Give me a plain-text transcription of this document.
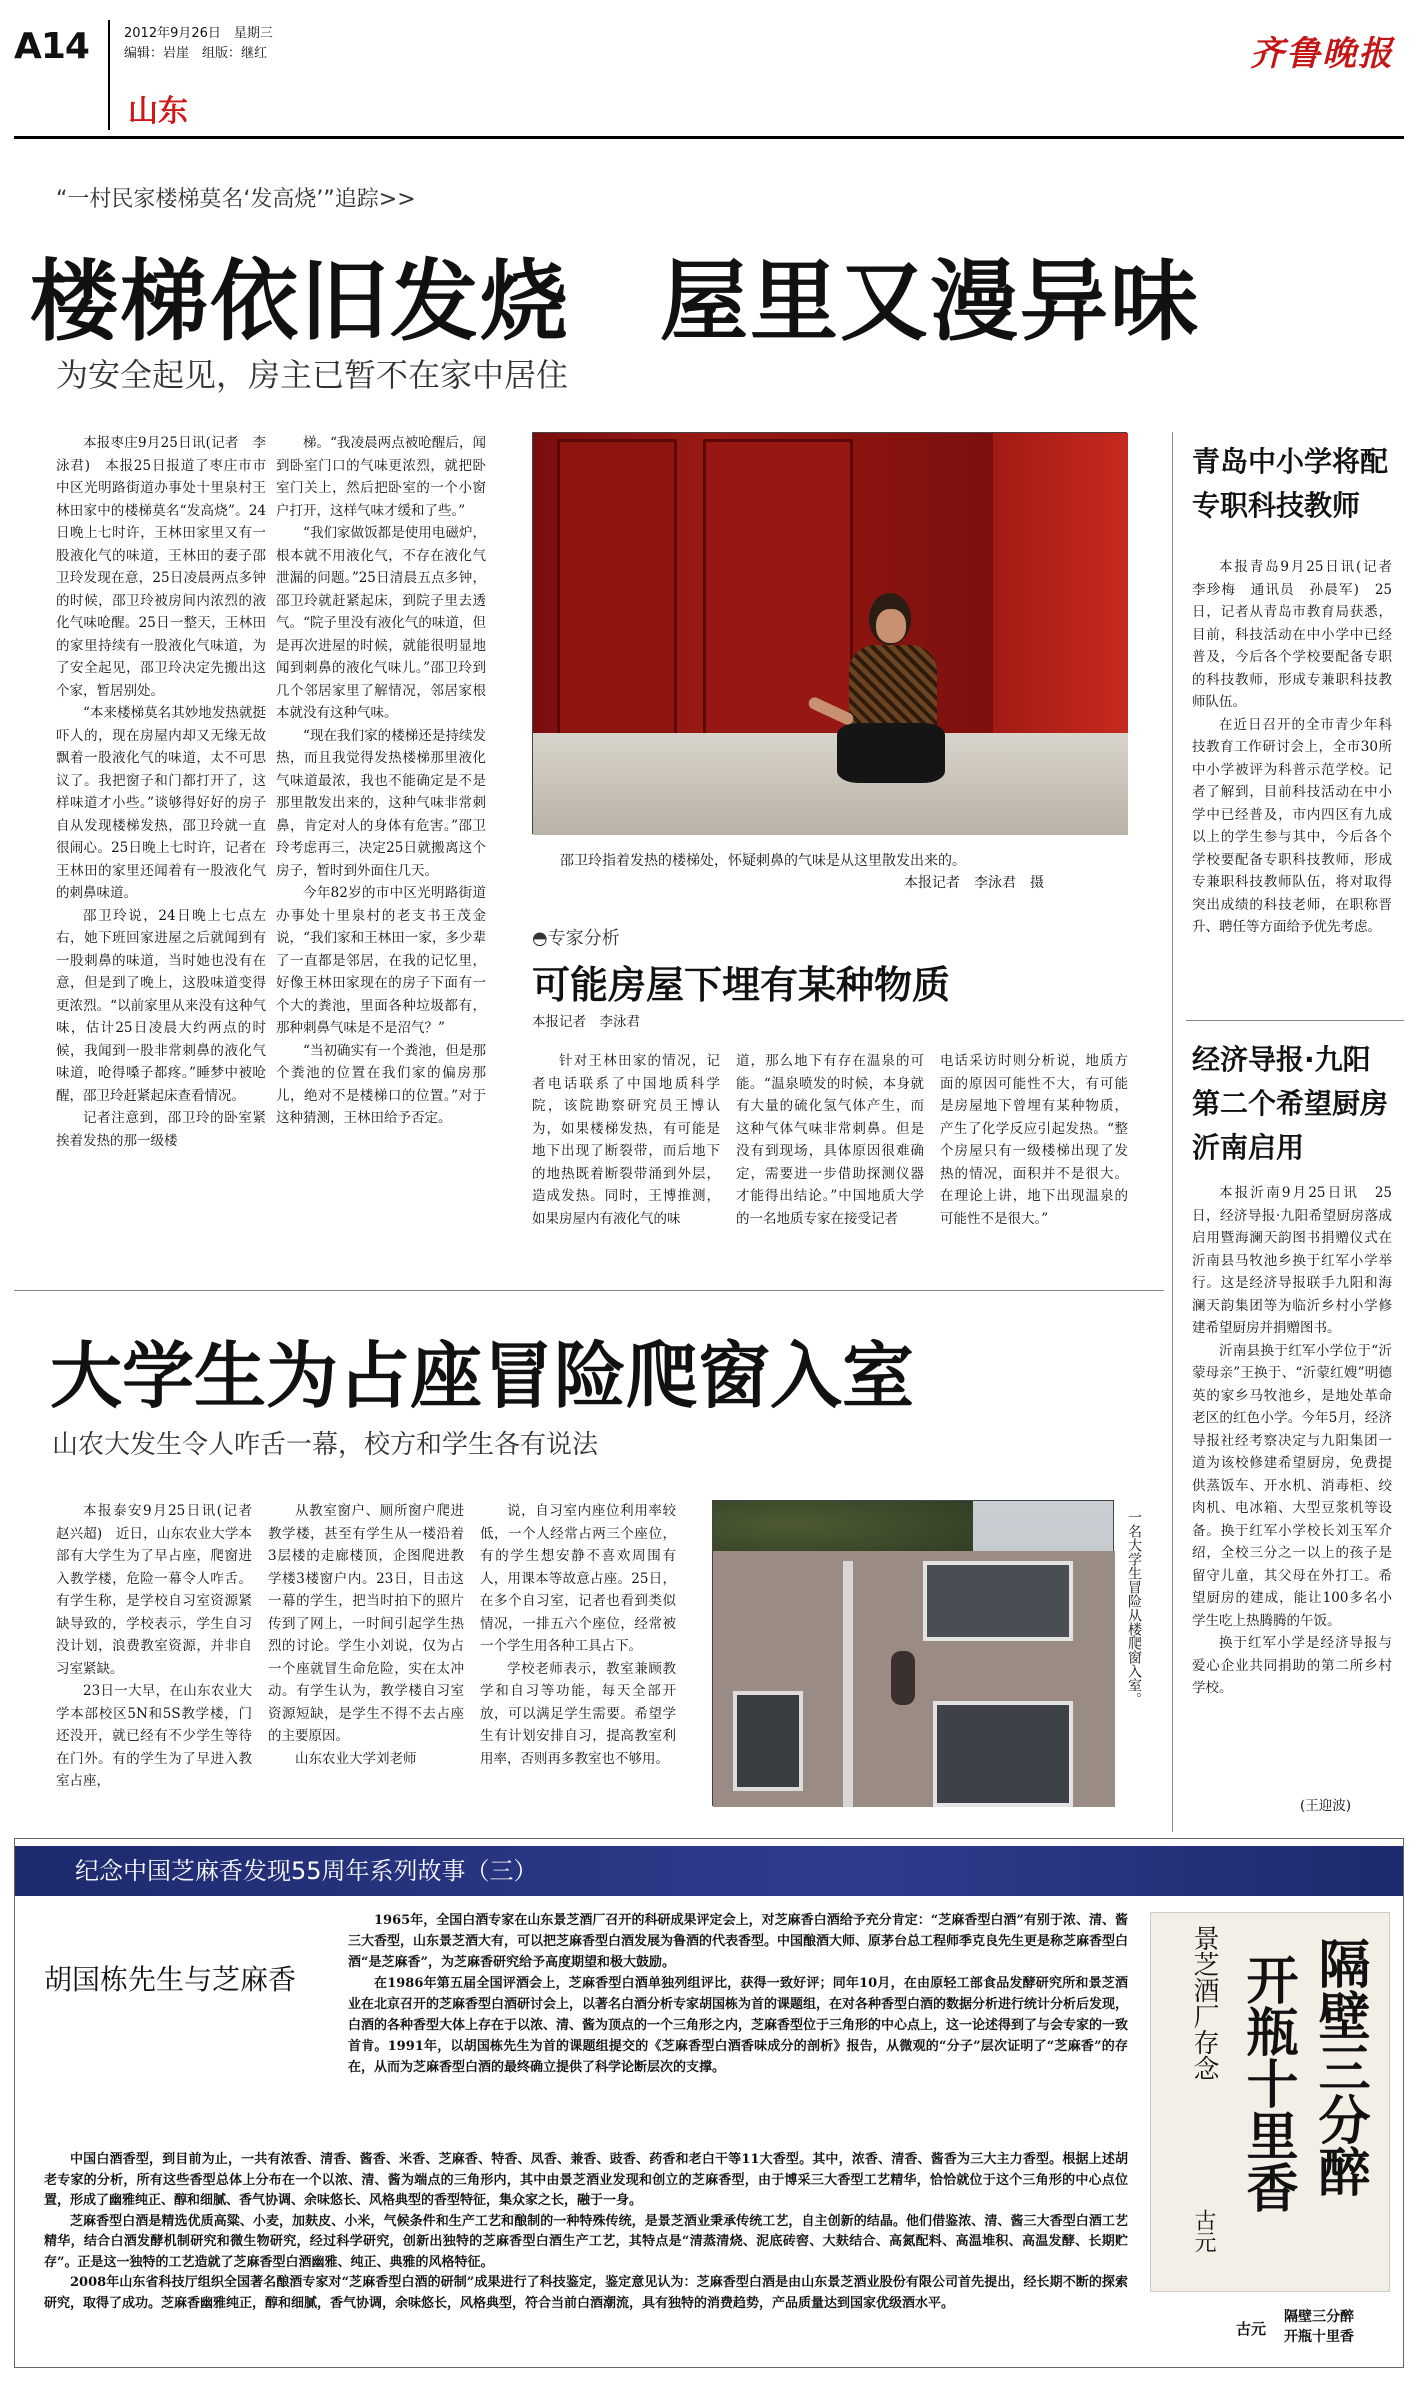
A14	2012年9月26日　星期三
编辑：岩崖　组版：继红
山东
齐鲁晚报
“一村民家楼梯莫名‘发高烧’”追踪>>
楼梯依旧发烧　屋里又漫异味
为安全起见，房主已暂不在家中居住

本报枣庄9月25日讯(记者　李泳君)　本报25日报道了枣庄市市中区光明路街道办事处十里泉村王林田家中的楼梯莫名“发高烧”。24日晚上七时许，王林田家里又有一股液化气的味道，王林田的妻子邵卫玲发现在意，25日凌晨两点多钟的时候，邵卫玲被房间内浓烈的液化气味呛醒。25日一整天，王林田的家里持续有一股液化气味道，为了安全起见，邵卫玲决定先搬出这个家，暂居别处。

“本来楼梯莫名其妙地发热就挺吓人的，现在房屋内却又无缘无故飘着一股液化气的味道，太不可思议了。我把窗子和门都打开了，这样味道才小些。”谈够得好好的房子自从发现楼梯发热，邵卫玲就一直很闹心。25日晚上七时许，记者在王林田的家里还闻着有一股液化气的刺鼻味道。

邵卫玲说，24日晚上七点左右，她下班回家进屋之后就闻到有一股刺鼻的味道，当时她也没有在意，但是到了晚上，这股味道变得更浓烈。“以前家里从来没有这种气味，估计25日凌晨大约两点的时候，我闻到一股非常刺鼻的液化气味道，呛得嗓子都疼。”睡梦中被呛醒，邵卫玲赶紧起床查看情况。

记者注意到，邵卫玲的卧室紧挨着发热的那一级楼

梯。“我凌晨两点被呛醒后，闻到卧室门口的气味更浓烈，就把卧室门关上，然后把卧室的一个小窗户打开，这样气味才缓和了些。”

“我们家做饭都是使用电磁炉，根本就不用液化气，不存在液化气泄漏的问题。”25日清晨五点多钟，邵卫玲就赶紧起床，到院子里去透气。“院子里没有液化气的味道，但是再次进屋的时候，就能很明显地闻到刺鼻的液化气味儿。”邵卫玲到几个邻居家里了解情况，邻居家根本就没有这种气味。

“现在我们家的楼梯还是持续发热，而且我觉得发热楼梯那里液化气味道最浓，我也不能确定是不是那里散发出来的，这种气味非常刺鼻，肯定对人的身体有危害。”邵卫玲考虑再三，决定25日就搬离这个房子，暂时到外面住几天。

今年82岁的市中区光明路街道办事处十里泉村的老支书王茂金说，“我们家和王林田一家，多少辈了一直都是邻居，在我的记忆里，好像王林田家现在的房子下面有一个大的粪池，里面各种垃圾都有，那种刺鼻气味是不是沼气？”

“当初确实有一个粪池，但是那个粪池的位置在我们家的偏房那儿，绝对不是楼梯口的位置。”对于这种猜测，王林田给予否定。

邵卫玲指着发热的楼梯处，怀疑刺鼻的气味是从这里散发出来的。
本报记者　李泳君　摄
◓专家分析
可能房屋下埋有某种物质
本报记者　李泳君

针对王林田家的情况，记者电话联系了中国地质科学院，该院勘察研究员王博认为，如果楼梯发热，有可能是地下出现了断裂带，而后地下的地热既着断裂带涌到外层，造成发热。同时，王博推测，如果房屋内有液化气的味

道，那么地下有存在温泉的可能。“温泉喷发的时候，本身就有大量的硫化氢气体产生，而这种气体气味非常刺鼻。但是没有到现场，具体原因很难确定，需要进一步借助探测仪器才能得出结论。”中国地质大学的一名地质专家在接受记者

电话采访时则分析说，地质方面的原因可能性不大，有可能是房屋地下曾埋有某种物质，产生了化学反应引起发热。“整个房屋只有一级楼梯出现了发热的情况，面积并不是很大。在理论上讲，地下出现温泉的可能性不是很大。”

青岛中小学将配专职科技教师

本报青岛9月25日讯(记者　李珍梅　通讯员　孙晨军)　25日，记者从青岛市教育局获悉，目前，科技活动在中小学中已经普及，今后各个学校要配备专职的科技教师，形成专兼职科技教师队伍。

在近日召开的全市青少年科技教育工作研讨会上，全市30所中小学被评为科普示范学校。记者了解到，目前科技活动在中小学中已经普及，市内四区有九成以上的学生参与其中，今后各个学校要配备专职科技教师，形成专兼职科技教师队伍，将对取得突出成绩的科技老师，在职称晋升、聘任等方面给予优先考虑。

经济导报·九阳第二个希望厨房沂南启用

本报沂南9月25日讯　25日，经济导报·九阳希望厨房落成启用暨海澜天韵图书捐赠仪式在沂南县马牧池乡换于红军小学举行。这是经济导报联手九阳和海澜天韵集团等为临沂乡村小学修建希望厨房并捐赠图书。

沂南县换于红军小学位于“沂蒙母亲”王换于、“沂蒙红嫂”明德英的家乡马牧池乡，是地处革命老区的红色小学。今年5月，经济导报社经考察决定与九阳集团一道为该校修建希望厨房，免费提供蒸饭车、开水机、消毒柜、绞肉机、电冰箱、大型豆浆机等设备。换于红军小学校长刘玉军介绍，全校三分之一以上的孩子是留守儿童，其父母在外打工。希望厨房的建成，能让100多名小学生吃上热腾腾的午饭。

换于红军小学是经济导报与爱心企业共同捐助的第二所乡村学校。

(王迎波)
大学生为占座冒险爬窗入室
山农大发生令人咋舌一幕，校方和学生各有说法

本报泰安9月25日讯(记者　赵兴超)　近日，山东农业大学本部有大学生为了早占座，爬窗进入教学楼，危险一幕令人咋舌。有学生称，是学校自习室资源紧缺导致的，学校表示，学生自习没计划，浪费教室资源，并非自习室紧缺。

23日一大早，在山东农业大学本部校区5N和5S教学楼，门还没开，就已经有不少学生等待在门外。有的学生为了早进入教室占座，

从教室窗户、厕所窗户爬进教学楼，甚至有学生从一楼沿着3层楼的走廊楼顶，企图爬进教学楼3楼窗户内。23日，目击这一幕的学生，把当时拍下的照片传到了网上，一时间引起学生热烈的讨论。学生小刘说，仅为占一个座就冒生命危险，实在太冲动。有学生认为，教学楼自习室资源短缺，是学生不得不去占座的主要原因。

山东农业大学刘老师

说，自习室内座位利用率较低，一个人经常占两三个座位，有的学生想安静不喜欢周围有人，用课本等故意占座。25日，在多个自习室，记者也看到类似情况，一排五六个座位，经常被一个学生用各种工具占下。

学校老师表示，教室兼顾教学和自习等功能，每天全部开放，可以满足学生需要。希望学生有计划安排自习，提高教室利用率，否则再多教室也不够用。

一名大学生冒险从楼爬窗入室。
纪念中国芝麻香发现55周年系列故事（三）
胡国栋先生与芝麻香

1965年，全国白酒专家在山东景芝酒厂召开的科研成果评定会上，对芝麻香白酒给予充分肯定：“芝麻香型白酒”有别于浓、清、酱三大香型，山东景芝酒大有，可以把芝麻香型白酒发展为鲁酒的代表香型。中国酿酒大师、原茅台总工程师季克良先生更是称芝麻香型白酒“是芝麻香”，为芝麻香研究给予高度期望和极大鼓励。

在1986年第五届全国评酒会上，芝麻香型白酒单独列组评比，获得一致好评；同年10月，在由原轻工部食品发酵研究所和景芝酒业在北京召开的芝麻香型白酒研讨会上，以著名白酒分析专家胡国栋为首的课题组，在对各种香型白酒的数据分析进行统计分析后发现，白酒的各种香型大体上存在于以浓、清、酱为顶点的一个三角形之内，芝麻香型位于三角形的中心点上，这一论述得到了与会专家的一致首肯。1991年，以胡国栋先生为首的课题组提交的《芝麻香型白酒香味成分的剖析》报告，从微观的“分子”层次证明了“芝麻香”的存在，从而为芝麻香型白酒的最终确立提供了科学论断层次的支撑。

中国白酒香型，到目前为止，一共有浓香、清香、酱香、米香、芝麻香、特香、凤香、兼香、豉香、药香和老白干等11大香型。其中，浓香、清香、酱香为三大主力香型。根据上述胡老专家的分析，所有这些香型总体上分布在一个以浓、清、酱为端点的三角形内，其中由景芝酒业发现和创立的芝麻香型，由于博采三大香型工艺精华，恰恰就位于这个三角形的中心点位置，形成了幽雅纯正、醇和细腻、香气协调、余味悠长、风格典型的香型特征，集众家之长，融于一身。

芝麻香型白酒是精选优质高粱、小麦，加麸皮、小米，气候条件和生产工艺和酿制的一种特殊传统，是景芝酒业秉承传统工艺，自主创新的结晶。他们借鉴浓、清、酱三大香型白酒工艺精华，结合白酒发酵机制研究和微生物研究，经过科学研究，创新出独特的芝麻香型白酒生产工艺，其特点是“清蒸清烧、泥底砖窖、大麸结合、高氮配料、高温堆积、高温发酵、长期贮存”。正是这一独特的工艺造就了芝麻香型白酒幽雅、纯正、典雅的风格特征。

2008年山东省科技厅组织全国著名酿酒专家对“芝麻香型白酒的研制”成果进行了科技鉴定，鉴定意见认为：芝麻香型白酒是由山东景芝酒业股份有限公司首先提出，经长期不断的探索研究，取得了成功。芝麻香幽雅纯正，醇和细腻，香气协调，余味悠长，风格典型，符合当前白酒潮流，具有独特的消费趋势，产品质量达到国家优级酒水平。

隔壁三分醉
开瓶十里香
景芝酒厂存念
古元
古元
隔壁三分醉
开瓶十里香
